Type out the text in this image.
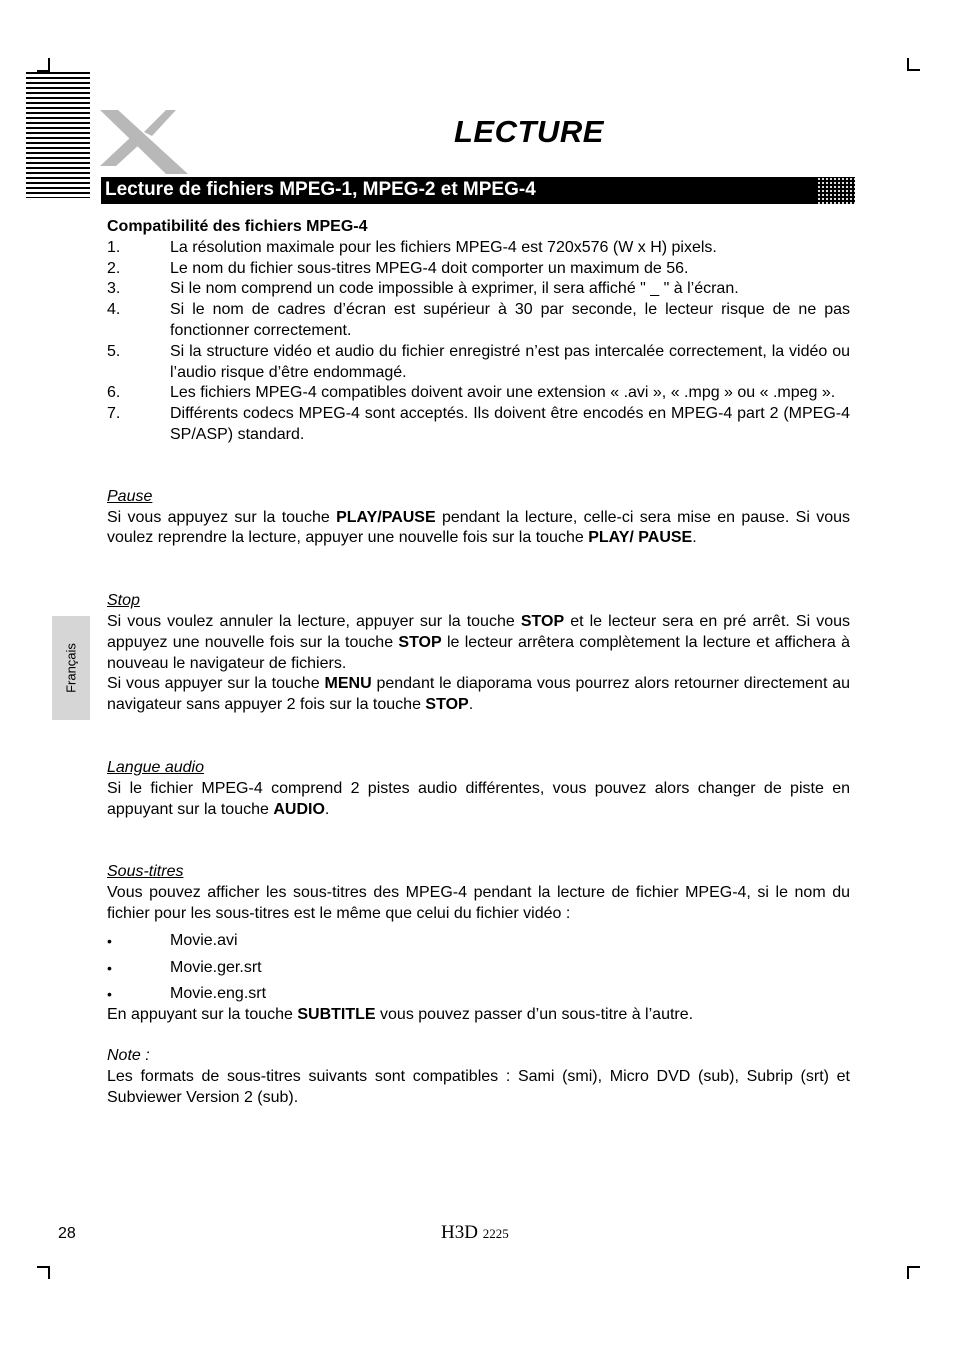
LECTURE
Lecture de fichiers MPEG-1, MPEG-2 et MPEG-4
Français

Compatibilité des fichiers MPEG-4

1.	La résolution maximale pour les fichiers MPEG-4 est 720x576 (W x H) pixels.
2.	Le nom du fichier sous-titres MPEG-4 doit comporter un maximum de 56.
3.	Si le nom comprend un code impossible à exprimer, il sera affiché " _ " à l’écran.
4.	Si le nom de cadres d’écran est supérieur à 30 par seconde, le lecteur risque de ne pas fonctionner correctement.
5.	Si la structure vidéo et audio du fichier enregistré n’est pas intercalée correctement, la vidéo ou l’audio risque d’être endommagé.
6.	Les fichiers MPEG-4 compatibles doivent avoir une extension « .avi », « .mpg » ou « .mpeg ».
7.	Différents codecs MPEG-4 sont acceptés. Ils doivent être encodés en MPEG-4 part 2 (MPEG-4 SP/ASP) standard.

Pause

Si vous appuyez sur la touche PLAY/PAUSE pendant la lecture, celle-ci sera mise en pause. Si vous voulez reprendre la lecture, appuyer une nouvelle fois sur la touche PLAY/ PAUSE.

Stop

Si vous voulez annuler la lecture, appuyer sur la touche STOP et le lecteur sera en pré arrêt. Si vous appuyez une nouvelle fois sur la touche STOP le lecteur arrêtera complètement la lecture et affichera à nouveau le navigateur de fichiers.

Si vous appuyer sur la touche MENU pendant le diaporama vous pourrez alors retourner directement au navigateur sans appuyer 2 fois sur la touche STOP.

Langue audio

Si le fichier MPEG-4 comprend 2 pistes audio différentes, vous pouvez alors changer de piste en appuyant sur la touche AUDIO.

Sous-titres

Vous pouvez afficher les sous-titres des MPEG-4 pendant la lecture de fichier MPEG-4, si le nom du fichier pour les sous-titres est le même que celui du fichier vidéo :

•	Movie.avi
•	Movie.ger.srt
•	Movie.eng.srt

En appuyant sur la touche SUBTITLE vous pouvez passer d’un sous-titre à l’autre.

Note :

Les formats de sous-titres suivants sont compatibles : Sami (smi), Micro DVD (sub), Subrip (srt) et Subviewer Version 2 (sub).

28	H3D 2225
